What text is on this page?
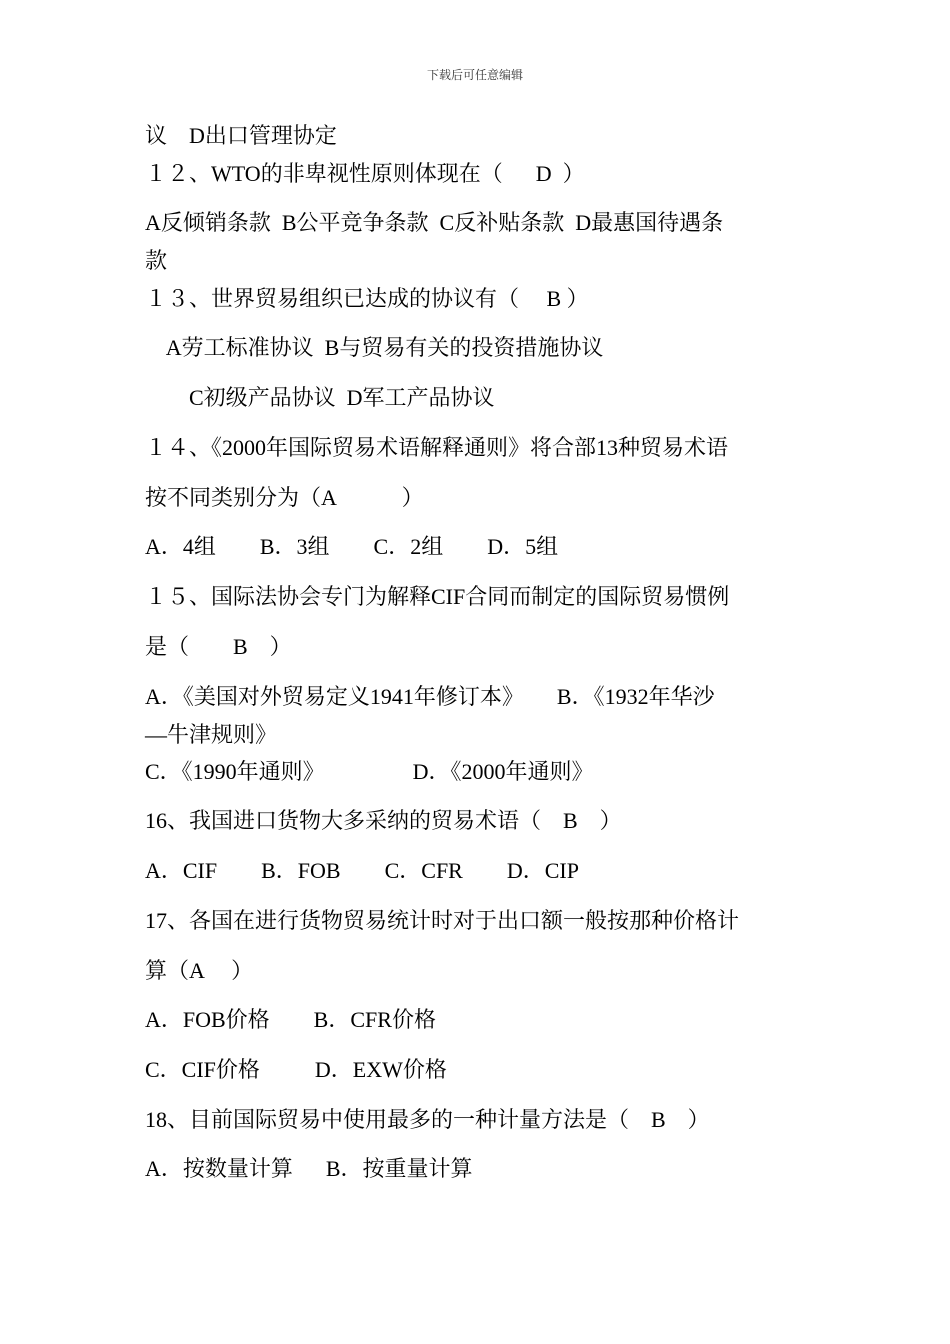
下载后可任意编辑
议    D出口管理协定
１２、WTO的非卑视性原则体现在（      D  ）
A反倾销条款  B公平竞争条款  C反补贴条款  D最惠国待遇条
款
１３、世界贸易组织已达成的协议有（     B ）
A劳工标准协议  B与贸易有关的投资措施协议
C初级产品协议  D军工产品协议
１４、《2000年国际贸易术语解释通则》将合部13种贸易术语
按不同类别分为（A            ）
A．4组        B．3组        C．2组        D．5组
１５、国际法协会专门为解释CIF合同而制定的国际贸易惯例
是（        B    ）
A．《美国对外贸易定义1941年修订本》      B．《1932年华沙
—牛津规则》
C．《1990年通则》                D．《2000年通则》
16、我国进口货物大多采纳的贸易术语（    B    ）
A．CIF        B．FOB        C．CFR        D．CIP
17、各国在进行货物贸易统计时对于出口额一般按那种价格计
算（A     ）
A．FOB价格        B．CFR价格
C．CIF价格          D．EXW价格
18、目前国际贸易中使用最多的一种计量方法是（    B    ）
A．按数量计算      B．按重量计算
